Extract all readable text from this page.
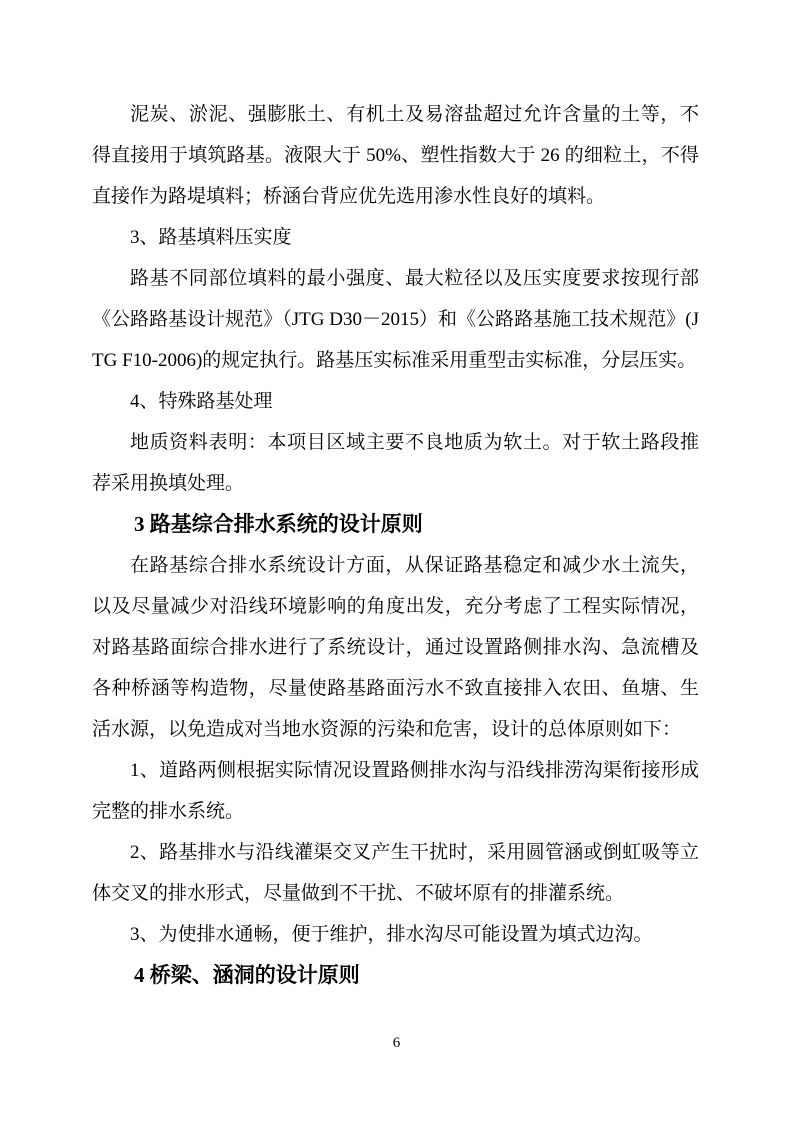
泥炭、淤泥、强膨胀土、有机土及易溶盐超过允许含量的土等，不得直接用于填筑路基。液限大于 50%、塑性指数大于 26 的细粒土，不得直接作为路堤填料；桥涵台背应优先选用渗水性良好的填料。

3、路基填料压实度

路基不同部位填料的最小强度、最大粒径以及压实度要求按现行部《公路路基设计规范》（JTG D30－2015）和《公路路基施工技术规范》(JTG F10-2006)的规定执行。路基压实标准采用重型击实标准，分层压实。

4、特殊路基处理

地质资料表明：本项目区域主要不良地质为软土。对于软土路段推荐采用换填处理。

3 路基综合排水系统的设计原则

在路基综合排水系统设计方面，从保证路基稳定和减少水土流失，以及尽量减少对沿线环境影响的角度出发，充分考虑了工程实际情况，对路基路面综合排水进行了系统设计，通过设置路侧排水沟、急流槽及各种桥涵等构造物，尽量使路基路面污水不致直接排入农田、鱼塘、生活水源，以免造成对当地水资源的污染和危害，设计的总体原则如下：

1、道路两侧根据实际情况设置路侧排水沟与沿线排涝沟渠衔接形成完整的排水系统。

2、路基排水与沿线灌渠交叉产生干扰时，采用圆管涵或倒虹吸等立体交叉的排水形式，尽量做到不干扰、不破坏原有的排灌系统。

3、为使排水通畅，便于维护，排水沟尽可能设置为填式边沟。

4 桥梁、涵洞的设计原则
6
